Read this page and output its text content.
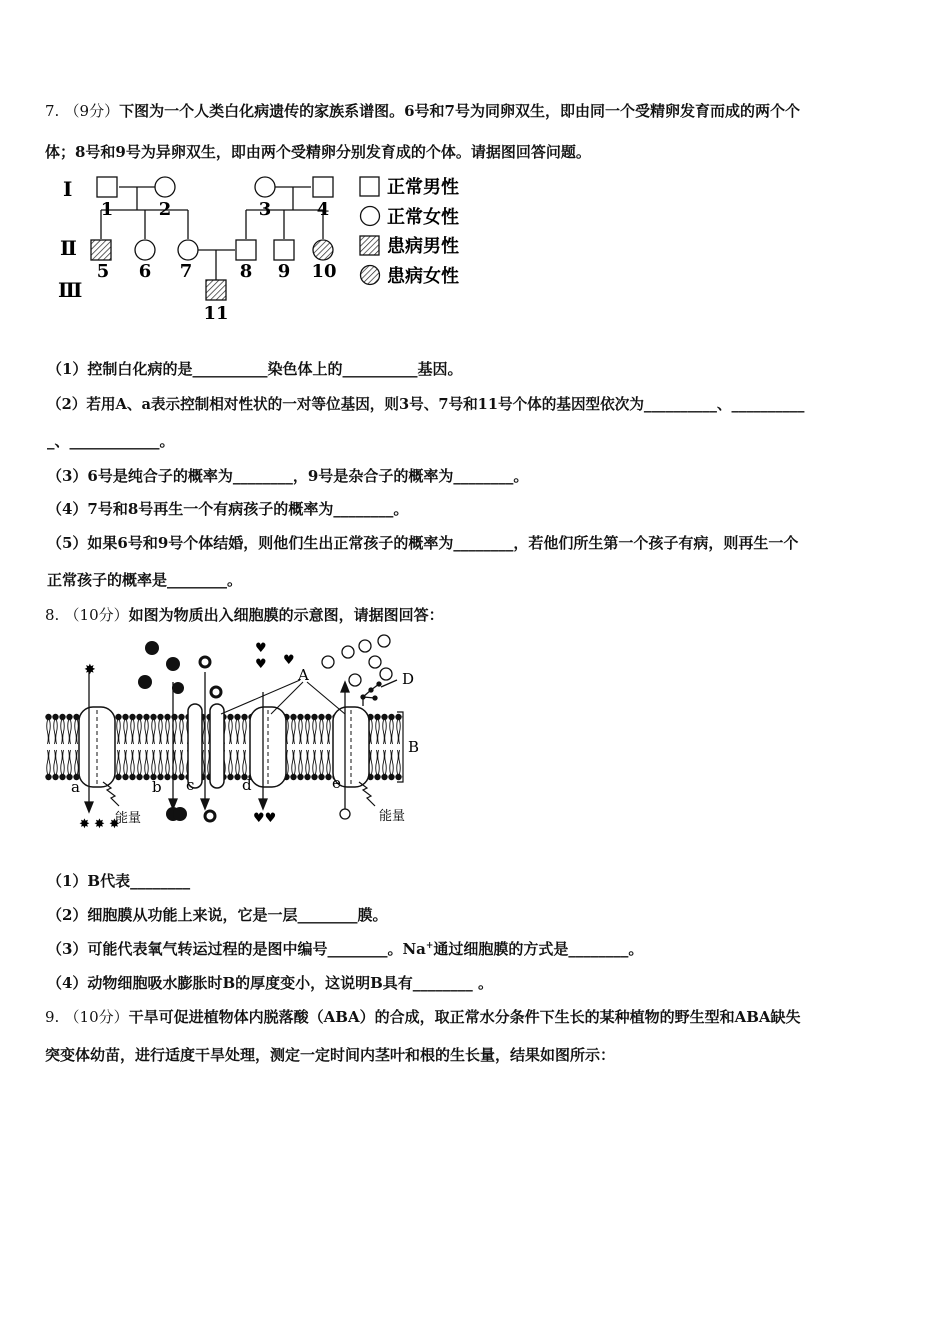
7. （9分）下图为一个人类白化病遗传的家族系谱图。6号和7号为同卵双生，即由同一个受精卵发育而成的两个个
体；8号和9号为异卵双生，即由两个受精卵分别发育成的个体。请据图回答问题。
Ⅰ
Ⅱ
Ⅲ
1	2	3	4
5 6 7	8 9 10
11
正常男性
正常女性
患病男性
患病女性
（1）控制白化病的是__________染色体上的__________基因。
（2）若用A、a表示控制相对性状的一对等位基因，则3号、7号和11号个体的基因型依次为__________、__________
_、____________。
（3）6号是纯合子的概率为________，9号是杂合子的概率为________。
（4）7号和8号再生一个有病孩子的概率为________。
（5）如果6号和9号个体结婚，则他们生出正常孩子的概率为________，若他们所生第一个孩子有病，则再生一个
正常孩子的概率是________。
8. （10分）如图为物质出入细胞膜的示意图，请据图回答：
✸
♥
♥ ♥
A	D
B
✸ ✸ ✸	♥♥
a	b c	d	e
能量	能量
（1）B代表________
（2）细胞膜从功能上来说，它是一层________膜。
（3）可能代表氧气转运过程的是图中编号________。Na+通过细胞膜的方式是________。
（4）动物细胞吸水膨胀时B的厚度变小，这说明B具有________ 。
9. （10分）干旱可促进植物体内脱落酸（ABA）的合成，取正常水分条件下生长的某种植物的野生型和ABA缺失
突变体幼苗，进行适度干旱处理，测定一定时间内茎叶和根的生长量，结果如图所示：
